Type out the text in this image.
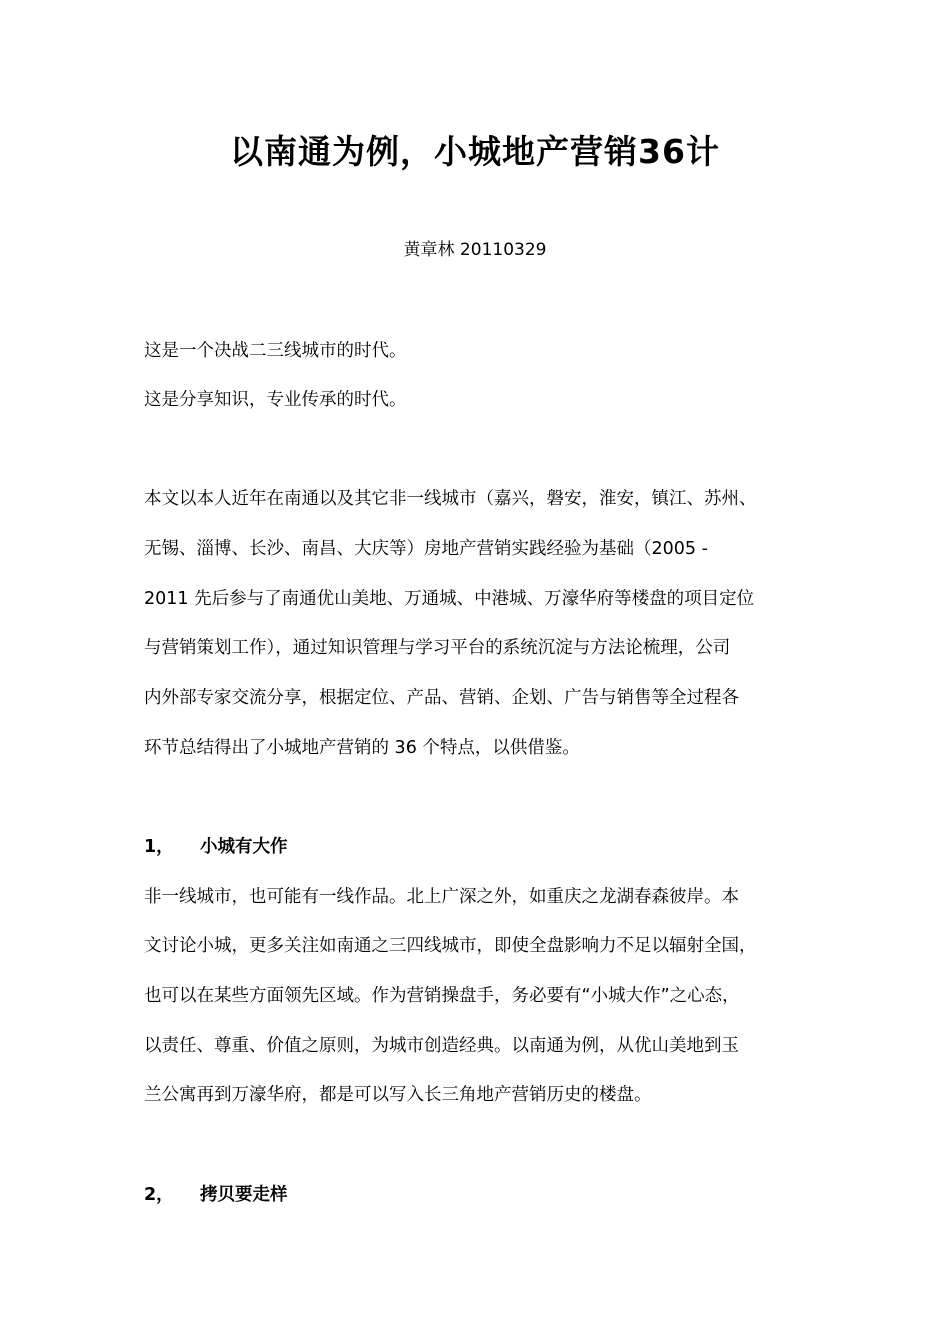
以南通为例，小城地产营销36计
黄章林 20110329
这是一个决战二三线城市的时代。
这是分享知识，专业传承的时代。
本文以本人近年在南通以及其它非一线城市（嘉兴，磐安，淮安，镇江、苏州、
无锡、淄博、长沙、南昌、大庆等）房地产营销实践经验为基础（2005 -
2011 先后参与了南通优山美地、万通城、中港城、万濠华府等楼盘的项目定位
与营销策划工作），通过知识管理与学习平台的系统沉淀与方法论梳理，公司
内外部专家交流分享，根据定位、产品、营销、企划、广告与销售等全过程各
环节总结得出了小城地产营销的 36 个特点，以供借鉴。
1， 小城有大作
非一线城市，也可能有一线作品。北上广深之外，如重庆之龙湖春森彼岸。本
文讨论小城，更多关注如南通之三四线城市，即使全盘影响力不足以辐射全国，
也可以在某些方面领先区域。作为营销操盘手，务必要有“小城大作”之心态，
以责任、尊重、价值之原则，为城市创造经典。以南通为例，从优山美地到玉
兰公寓再到万濠华府，都是可以写入长三角地产营销历史的楼盘。
2， 拷贝要走样
